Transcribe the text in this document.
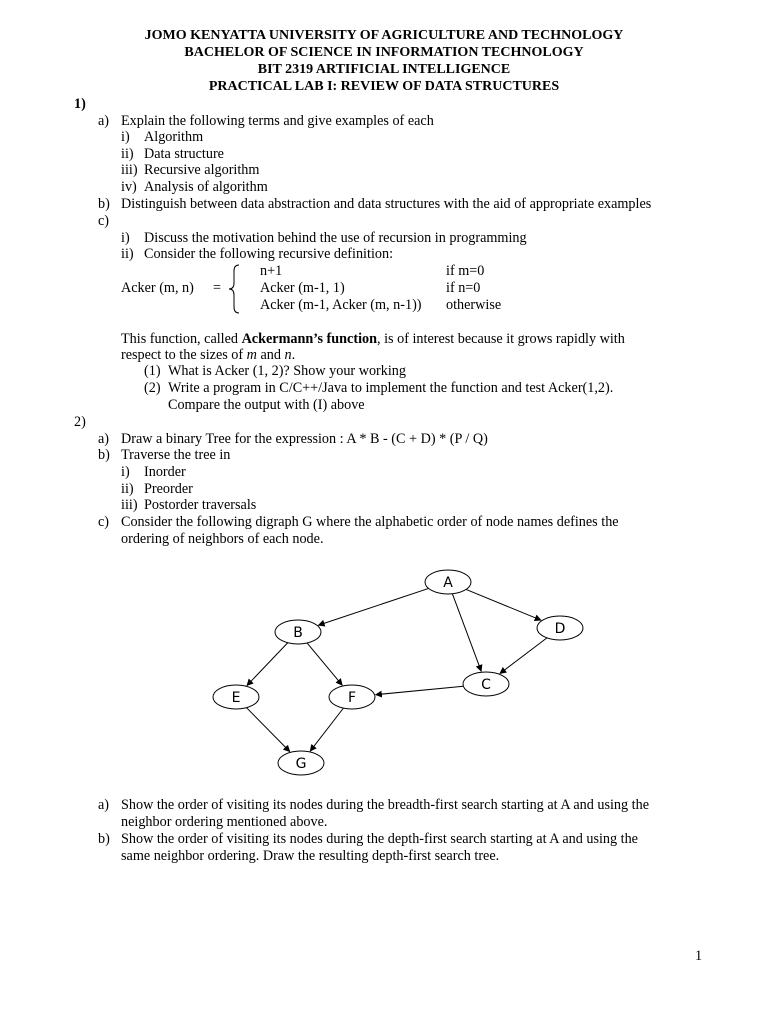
JOMO KENYATTA UNIVERSITY OF AGRICULTURE AND TECHNOLOGY
BACHELOR OF SCIENCE IN INFORMATION TECHNOLOGY
BIT 2319 ARTIFICIAL INTELLIGENCE
PRACTICAL LAB I: REVIEW OF DATA STRUCTURES
1)
a) Explain the following terms and give examples of each
i) Algorithm
ii) Data structure
iii) Recursive algorithm
iv) Analysis of algorithm
b) Distinguish between data abstraction and data structures with the aid of appropriate examples
c)
i) Discuss the motivation behind the use of recursion in programming
ii) Consider the following recursive definition:
Acker (m, n) =
n+1	if m=0
Acker (m-1, 1)	if n=0
Acker (m-1, Acker (m, n-1)) otherwise
This function, called Ackermann’s function, is of interest because it grows rapidly with
respect to the sizes of m and n.
(1) What is Acker (1, 2)? Show your working
(2) Write a program in C/C++/Java to implement the function and test Acker(1,2).
Compare the output with (I) above
2)
a) Draw a binary Tree for the expression : A * B - (C + D) * (P / Q)
b) Traverse the tree in
i) Inorder
ii) Preorder
iii) Postorder traversals
c) Consider the following digraph G where the alphabetic order of node names defines the
ordering of neighbors of each node.
A
B	D
C
E	F
G
a) Show the order of visiting its nodes during the breadth-first search starting at A and using the
neighbor ordering mentioned above.
b) Show the order of visiting its nodes during the depth-first search starting at A and using the
same neighbor ordering. Draw the resulting depth-first search tree.
1
